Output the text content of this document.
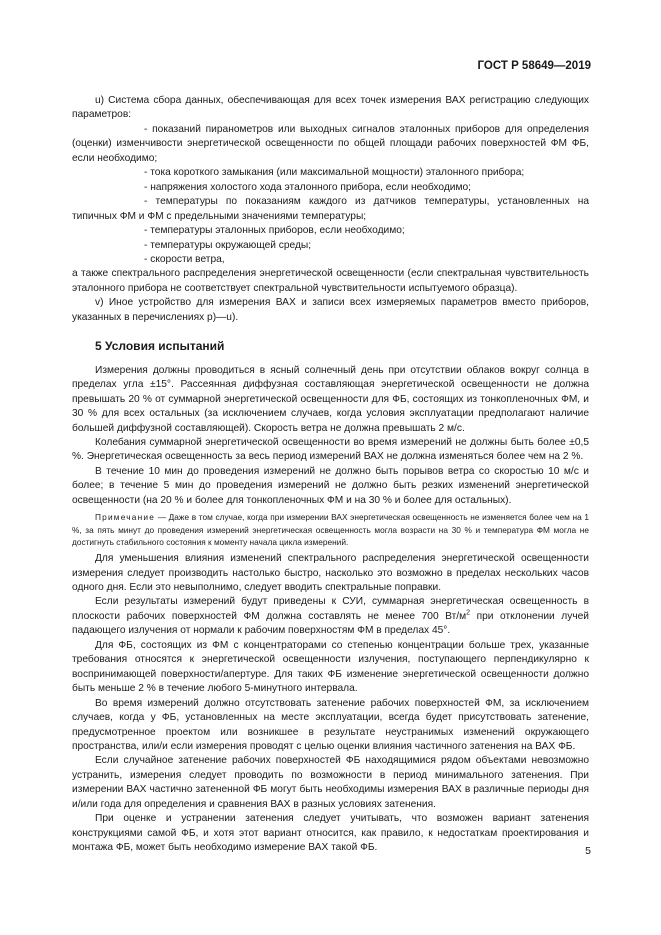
ГОСТ Р 58649—2019

u) Система сбора данных, обеспечивающая для всех точек измерения ВАХ регистрацию следующих параметров:

- показаний пиранометров или выходных сигналов эталонных приборов для определения (оценки) изменчивости энергетической освещенности по общей площади рабочих поверхностей ФМ ФБ, если необходимо;

- тока короткого замыкания (или максимальной мощности) эталонного прибора;

- напряжения холостого хода эталонного прибора, если необходимо;

- температуры по показаниям каждого из датчиков температуры, установленных на типичных ФМ и ФМ с предельными значениями температуры;

- температуры эталонных приборов, если необходимо;

- температуры окружающей среды;

- скорости ветра,

а также спектрального распределения энергетической освещенности (если спектральная чувствительность эталонного прибора не соответствует спектральной чувствительности испытуемого образца).

v) Иное устройство для измерения ВАХ и записи всех измеряемых параметров вместо приборов, указанных в перечислениях p)—u).

5 Условия испытаний

Измерения должны проводиться в ясный солнечный день при отсутствии облаков вокруг солнца в пределах угла ±15°. Рассеянная диффузная составляющая энергетической освещенности не должна превышать 20 % от суммарной энергетической освещенности для ФБ, состоящих из тонкопленочных ФМ, и 30 % для всех остальных (за исключением случаев, когда условия эксплуатации предполагают наличие большей диффузной составляющей). Скорость ветра не должна превышать 2 м/с.

Колебания суммарной энергетической освещенности во время измерений не должны быть более ±0,5 %. Энергетическая освещенность за весь период измерений ВАХ не должна изменяться более чем на 2 %.

В течение 10 мин до проведения измерений не должно быть порывов ветра со скоростью 10 м/с и более; в течение 5 мин до проведения измерений не должно быть резких изменений энергетической освещенности (на 20 % и более для тонкопленочных ФМ и на 30 % и более для остальных).

Примечание — Даже в том случае, когда при измерении ВАХ энергетическая освещенность не изменяется более чем на 1 %, за пять минут до проведения измерений энергетическая освещенность могла возрасти на 30 % и температура ФМ могла не достигнуть стабильного состояния к моменту начала цикла измерений.

Для уменьшения влияния изменений спектрального распределения энергетической освещенности измерения следует производить настолько быстро, насколько это возможно в пределах нескольких часов одного дня. Если это невыполнимо, следует вводить спектральные поправки.

Если результаты измерений будут приведены к СУИ, суммарная энергетическая освещенность в плоскости рабочих поверхностей ФМ должна составлять не менее 700 $Вт/м^2$ при отклонении лучей падающего излучения от нормали к рабочим поверхностям ФМ в пределах 45°.

Для ФБ, состоящих из ФМ с концентраторами со степенью концентрации больше трех, указанные требования относятся к энергетической освещенности излучения, поступающего перпендикулярно к воспринимающей поверхности/апертуре. Для таких ФБ изменение энергетической освещенности должно быть меньше 2 % в течение любого 5-минутного интервала.

Во время измерений должно отсутствовать затенение рабочих поверхностей ФМ, за исключением случаев, когда у ФБ, установленных на месте эксплуатации, всегда будет присутствовать затенение, предусмотренное проектом или возникшее в результате неустранимых изменений окружающего пространства, или/и если измерения проводят с целью оценки влияния частичного затенения на ВАХ ФБ.

Если случайное затенение рабочих поверхностей ФБ находящимися рядом объектами невозможно устранить, измерения следует проводить по возможности в период минимального затенения. При измерении ВАХ частично затененной ФБ могут быть необходимы измерения ВАХ в различные периоды дня и/или года для определения и сравнения ВАХ в разных условиях затенения.

При оценке и устранении затенения следует учитывать, что возможен вариант затенения конструкциями самой ФБ, и хотя этот вариант относится, как правило, к недостаткам проектирования и монтажа ФБ, может быть необходимо измерение ВАХ такой ФБ.	5
